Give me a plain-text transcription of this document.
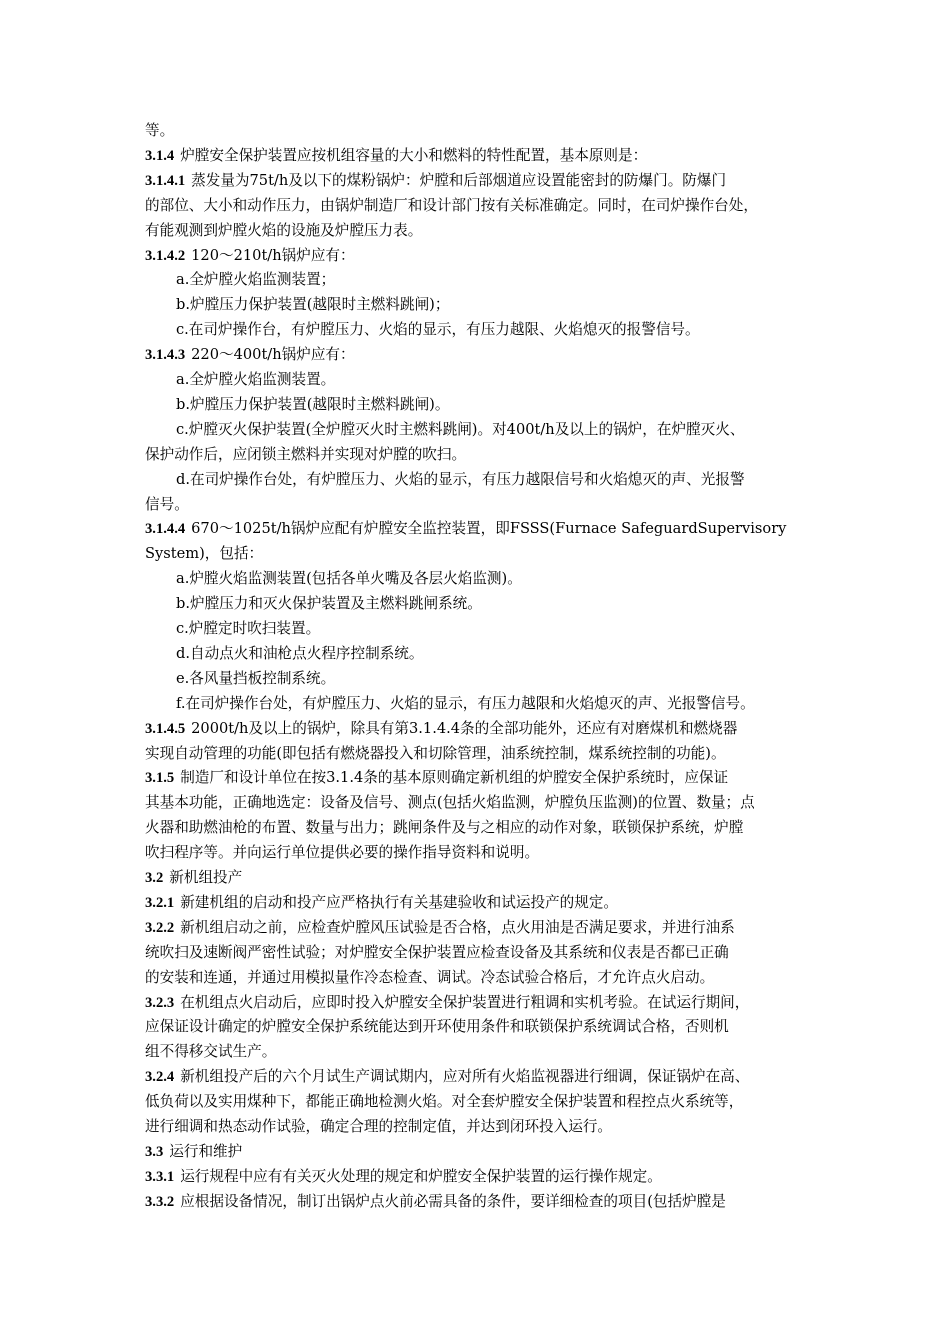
等。
3.1.4 炉膛安全保护装置应按机组容量的大小和燃料的特性配置，基本原则是：
3.1.4.1 蒸发量为75t/h及以下的煤粉锅炉：炉膛和后部烟道应设置能密封的防爆门。防爆门
的部位、大小和动作压力，由锅炉制造厂和设计部门按有关标准确定。同时，在司炉操作台处，
有能观测到炉膛火焰的设施及炉膛压力表。
3.1.4.2 120～210t/h锅炉应有：
a.全炉膛火焰监测装置；
b.炉膛压力保护装置(越限时主燃料跳闸)；
c.在司炉操作台，有炉膛压力、火焰的显示，有压力越限、火焰熄灭的报警信号。
3.1.4.3 220～400t/h锅炉应有：
a.全炉膛火焰监测装置。
b.炉膛压力保护装置(越限时主燃料跳闸)。
c.炉膛灭火保护装置(全炉膛灭火时主燃料跳闸)。对400t/h及以上的锅炉，在炉膛灭火、
保护动作后，应闭锁主燃料并实现对炉膛的吹扫。
d.在司炉操作台处，有炉膛压力、火焰的显示，有压力越限信号和火焰熄灭的声、光报警
信号。
3.1.4.4 670～1025t/h锅炉应配有炉膛安全监控装置，即FSSS(Furnace SafeguardSupervisory
System)，包括：
a.炉膛火焰监测装置(包括各单火嘴及各层火焰监测)。
b.炉膛压力和灭火保护装置及主燃料跳闸系统。
c.炉膛定时吹扫装置。
d.自动点火和油枪点火程序控制系统。
e.各风量挡板控制系统。
f.在司炉操作台处，有炉膛压力、火焰的显示，有压力越限和火焰熄灭的声、光报警信号。
3.1.4.5 2000t/h及以上的锅炉，除具有第3.1.4.4条的全部功能外，还应有对磨煤机和燃烧器
实现自动管理的功能(即包括有燃烧器投入和切除管理，油系统控制，煤系统控制的功能)。
3.1.5 制造厂和设计单位在按3.1.4条的基本原则确定新机组的炉膛安全保护系统时，应保证
其基本功能，正确地选定：设备及信号、测点(包括火焰监测，炉膛负压监测)的位置、数量；点
火器和助燃油枪的布置、数量与出力；跳闸条件及与之相应的动作对象，联锁保护系统，炉膛
吹扫程序等。并向运行单位提供必要的操作指导资料和说明。
3.2 新机组投产
3.2.1 新建机组的启动和投产应严格执行有关基建验收和试运投产的规定。
3.2.2 新机组启动之前，应检查炉膛风压试验是否合格，点火用油是否满足要求，并进行油系
统吹扫及速断阀严密性试验；对炉膛安全保护装置应检查设备及其系统和仪表是否都已正确
的安装和连通，并通过用模拟量作冷态检查、调试。冷态试验合格后，才允许点火启动。
3.2.3 在机组点火启动后，应即时投入炉膛安全保护装置进行粗调和实机考验。在试运行期间，
应保证设计确定的炉膛安全保护系统能达到开环使用条件和联锁保护系统调试合格，否则机
组不得移交试生产。
3.2.4 新机组投产后的六个月试生产调试期内，应对所有火焰监视器进行细调，保证锅炉在高、
低负荷以及实用煤种下，都能正确地检测火焰。对全套炉膛安全保护装置和程控点火系统等，
进行细调和热态动作试验，确定合理的控制定值，并达到闭环投入运行。
3.3 运行和维护
3.3.1 运行规程中应有有关灭火处理的规定和炉膛安全保护装置的运行操作规定。
3.3.2 应根据设备情况，制订出锅炉点火前必需具备的条件，要详细检查的项目(包括炉膛是
